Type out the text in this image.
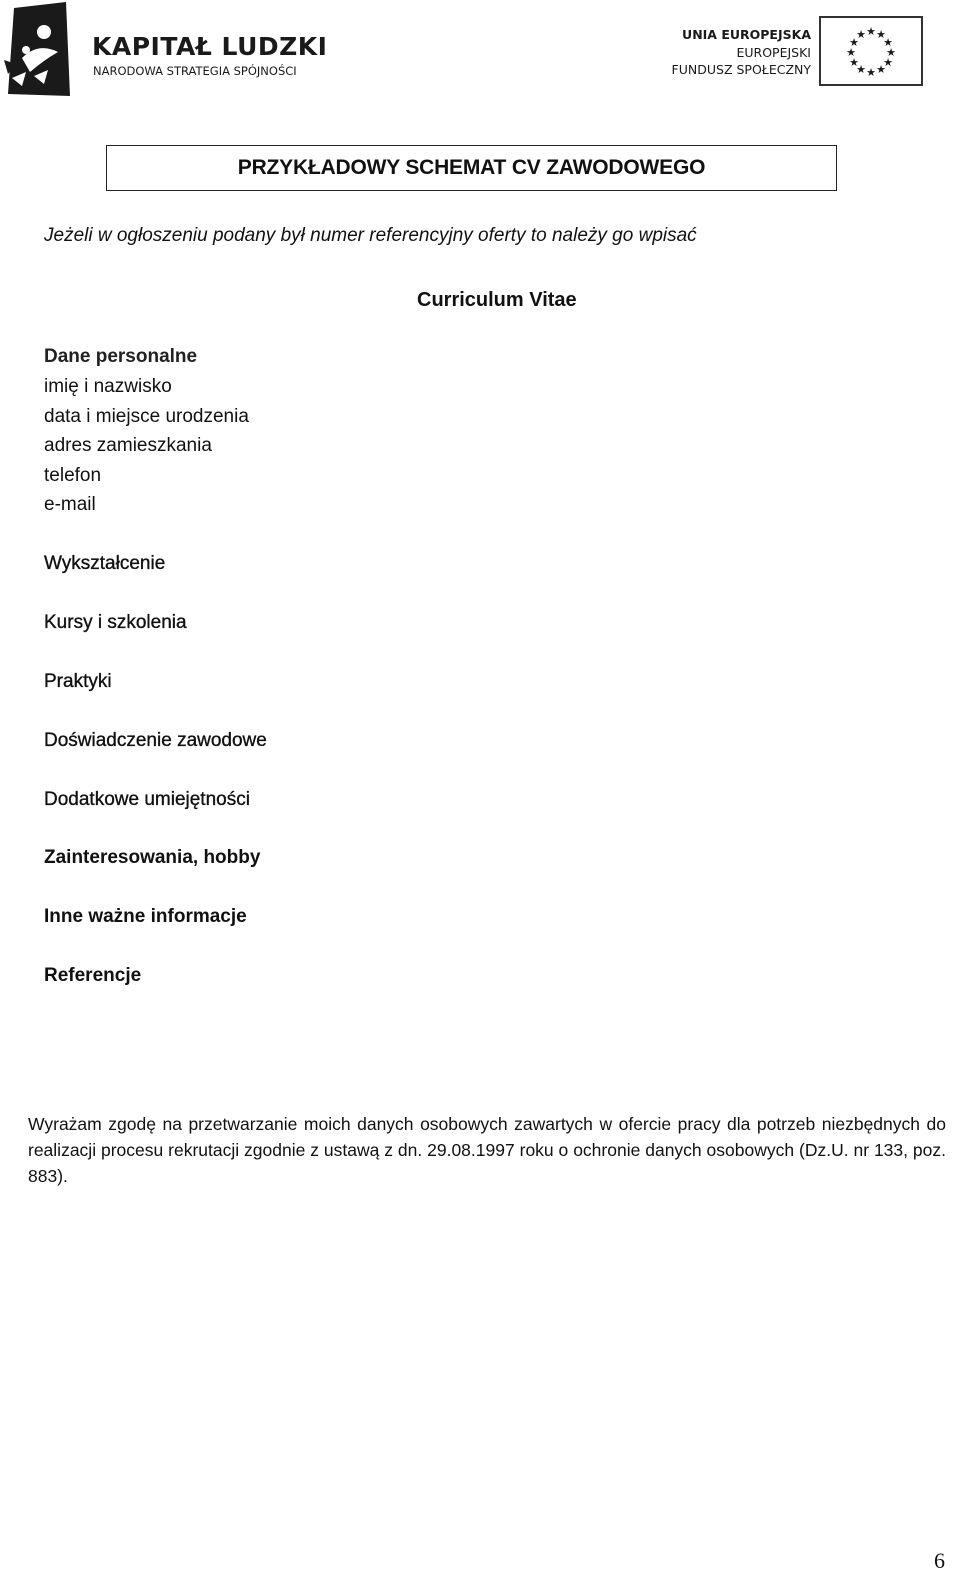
KAPITAŁ LUDZKI
NARODOWA STRATEGIA SPÓJNOŚCI
UNIA EUROPEJSKA
EUROPEJSKI
FUNDUSZ SPOŁECZNY
★ ★
★
★
★
★
★
★
★
★
★
★
PRZYKŁADOWY SCHEMAT CV ZAWODOWEGO
Jeżeli w ogłoszeniu podany był numer referencyjny oferty to należy go wpisać
Curriculum Vitae
Dane personalne
imię i nazwisko
data i miejsce urodzenia
adres zamieszkania
telefon
e-mail
Wykształcenie
Kursy i szkolenia
Praktyki
Doświadczenie zawodowe
Dodatkowe umiejętności
Zainteresowania, hobby
Inne ważne informacje
Referencje

Wyrażam zgodę na przetwarzanie moich danych osobowych zawartych w ofercie pracy dla potrzeb niezbędnych do realizacji procesu rekrutacji zgodnie z ustawą z dn. 29.08.1997 roku o ochronie danych osobowych (Dz.U. nr 133, poz. 883).

6
